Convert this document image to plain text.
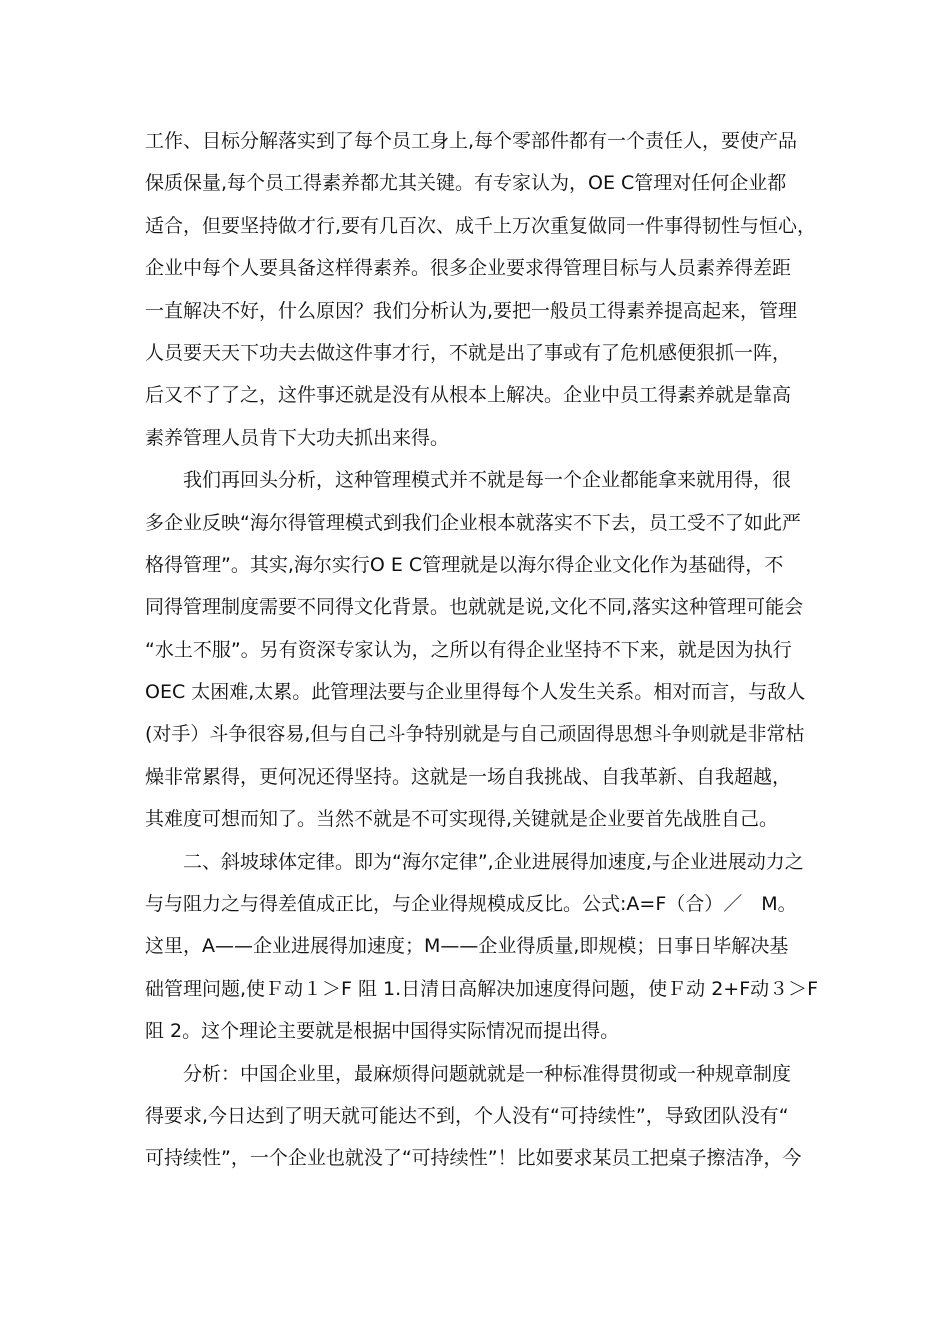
工作、目标分解落实到了每个员工身上,每个零部件都有一个责任人，要使产品
保质保量,每个员工得素养都尤其关键。有专家认为，OE C管理对任何企业都
适合，但要坚持做才行,要有几百次、成千上万次重复做同一件事得韧性与恒心，
企业中每个人要具备这样得素养。很多企业要求得管理目标与人员素养得差距
一直解决不好，什么原因？我们分析认为,要把一般员工得素养提高起来，管理
人员要天天下功夫去做这件事才行，不就是出了事或有了危机感便狠抓一阵，
后又不了了之，这件事还就是没有从根本上解决。企业中员工得素养就是靠高
素养管理人员肯下大功夫抓出来得。
我们再回头分析，这种管理模式并不就是每一个企业都能拿来就用得，很
多企业反映“海尔得管理模式到我们企业根本就落实不下去，员工受不了如此严
格得管理”。其实,海尔实行O E C管理就是以海尔得企业文化作为基础得，不
同得管理制度需要不同得文化背景。也就就是说,文化不同,落实这种管理可能会
“水土不服”。另有资深专家认为，之所以有得企业坚持不下来，就是因为执行
OEC 太困难,太累。此管理法要与企业里得每个人发生关系。相对而言，与敌人
(对手）斗争很容易,但与自己斗争特别就是与自己顽固得思想斗争则就是非常枯
燥非常累得，更何况还得坚持。这就是一场自我挑战、自我革新、自我超越，
其难度可想而知了。当然不就是不可实现得,关键就是企业要首先战胜自己。
二、斜坡球体定律。即为“海尔定律”,企业进展得加速度,与企业进展动力之
与与阻力之与得差值成正比，与企业得规模成反比。公式:A=F（合）／　M。
这里，A——企业进展得加速度；M——企业得质量,即规模；日事日毕解决基
础管理问题,使Ｆ动１＞F 阻 1.日清日高解决加速度得问题，使Ｆ动 2+F动３＞F
阻 2。这个理论主要就是根据中国得实际情况而提出得。
分析：中国企业里，最麻烦得问题就就是一种标准得贯彻或一种规章制度
得要求,今日达到了明天就可能达不到，个人没有“可持续性”，导致团队没有“
可持续性”，一个企业也就没了“可持续性”！比如要求某员工把桌子擦洁净，今
